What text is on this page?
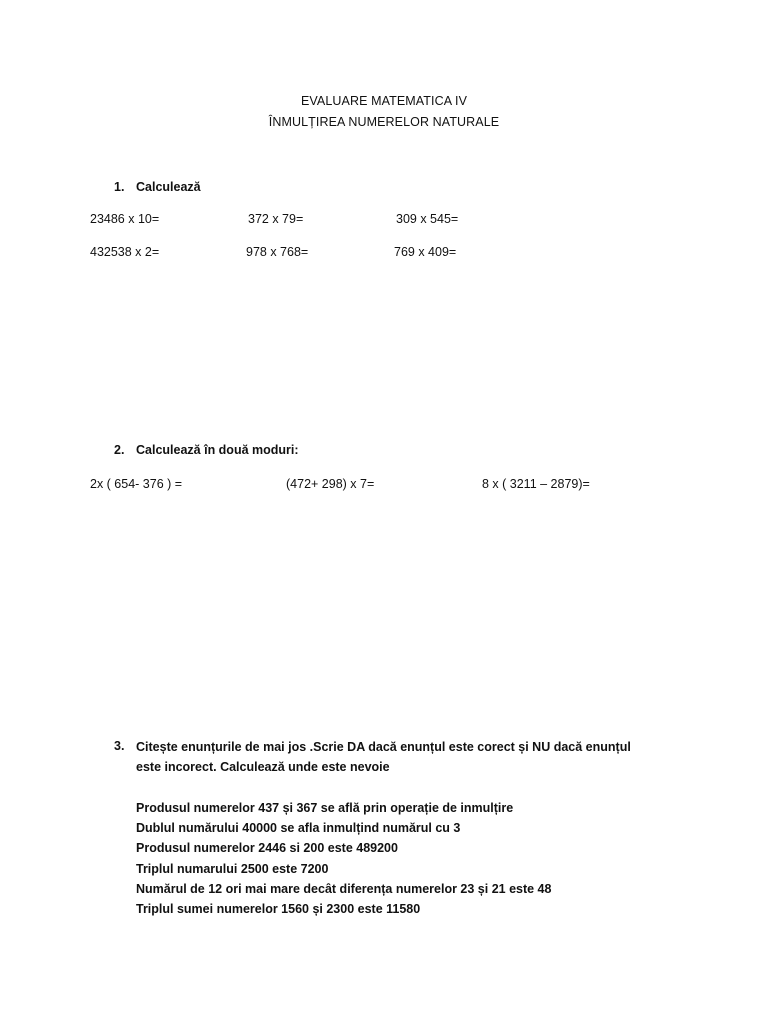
EVALUARE MATEMATICA IV
ÎNMULȚIREA NUMERELOR NATURALE
1. Calculează
23486 x 10=	372 x 79=	309 x 545=
432538 x 2=	978 x 768=	769 x 409=
2. Calculează în două moduri:
2x ( 654- 376 ) =	(472+ 298) x 7=	8 x ( 3211 – 2879)=
3. Citește enunțurile de mai jos .Scrie DA dacă enunțul este corect și NU dacă enunțul este incorect. Calculează unde este nevoie
Produsul numerelor 437 și 367 se află prin operație de inmulțire
Dublul numărului 40000 se afla inmulțind numărul cu 3
Produsul numerelor 2446 si 200 este 489200
Triplul numarului 2500 este 7200
Numărul de 12 ori mai mare decât diferența numerelor 23 și 21 este 48
Triplul sumei numerelor 1560 și 2300 este 11580
